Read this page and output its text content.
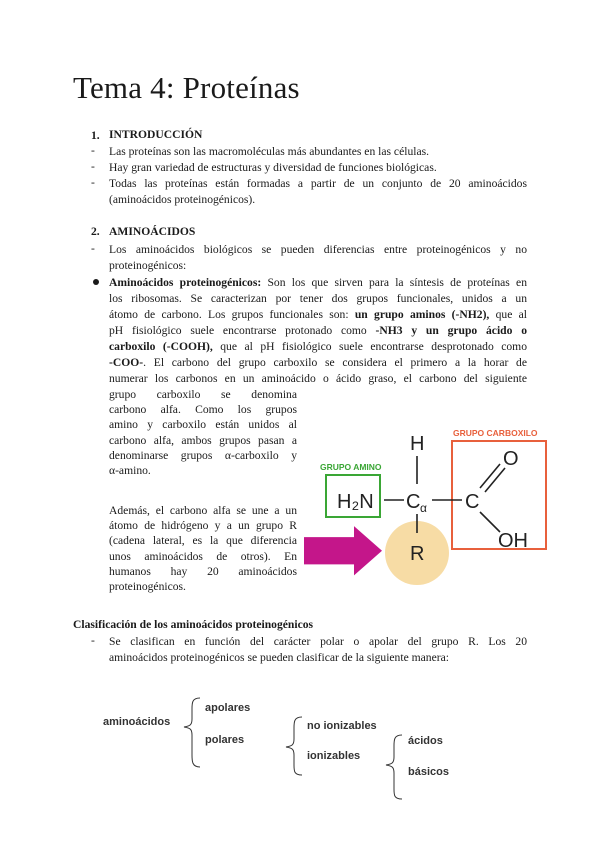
Tema 4: Proteínas
1. INTRODUCCIÓN
- Las proteínas son las macromoléculas más abundantes en las células.
- Hay gran variedad de estructuras y diversidad de funciones biológicas.
- Todas las proteínas están formadas a partir de un conjunto de 20 aminoácidos
(aminoácidos proteinogénicos).
2. AMINOÁCIDOS
- Los aminoácidos biológicos se pueden diferencias entre proteinogénicos y no
proteinogénicos:
Aminoácidos proteinogénicos: Son los que sirven para la síntesis de proteínas en
los ribosomas. Se caracterizan por tener dos grupos funcionales, unidos a un
átomo de carbono. Los grupos funcionales son: un grupo aminos (-NH2), que al
pH fisiológico suele encontrarse protonado como -NH3 y un grupo ácido o
carboxilo (-COOH), que al pH fisiológico suele encontrarse desprotonado como
-COO-. El carbono del grupo carboxilo se considera el primero a la horar de
numerar los carbonos en un aminoácido o ácido graso, el carbono del siguiente
grupo carboxilo se denomina
carbono alfa. Como los grupos
amino y carboxilo están unidos al
carbono alfa, ambos grupos pasan a
denominarse grupos α-carboxilo y
α-amino.
Además, el carbono alfa se une a un
átomo de hidrógeno y a un grupo R
(cadena lateral, es la que diferencia
unos aminoácidos de otros). En
humanos hay 20 aminoácidos
proteinogénicos.
GRUPO CARBOXILO
GRUPO AMINO
H
H₂N C α C
O
OH
R
Clasificación de los aminoácidos proteinogénicos
- Se clasifican en función del carácter polar o apolar del grupo R. Los 20
aminoácidos proteinogénicos se pueden clasificar de la siguiente manera:
aminoácidos
apolares
polares
no ionizables
ionizables
ácidos
básicos
